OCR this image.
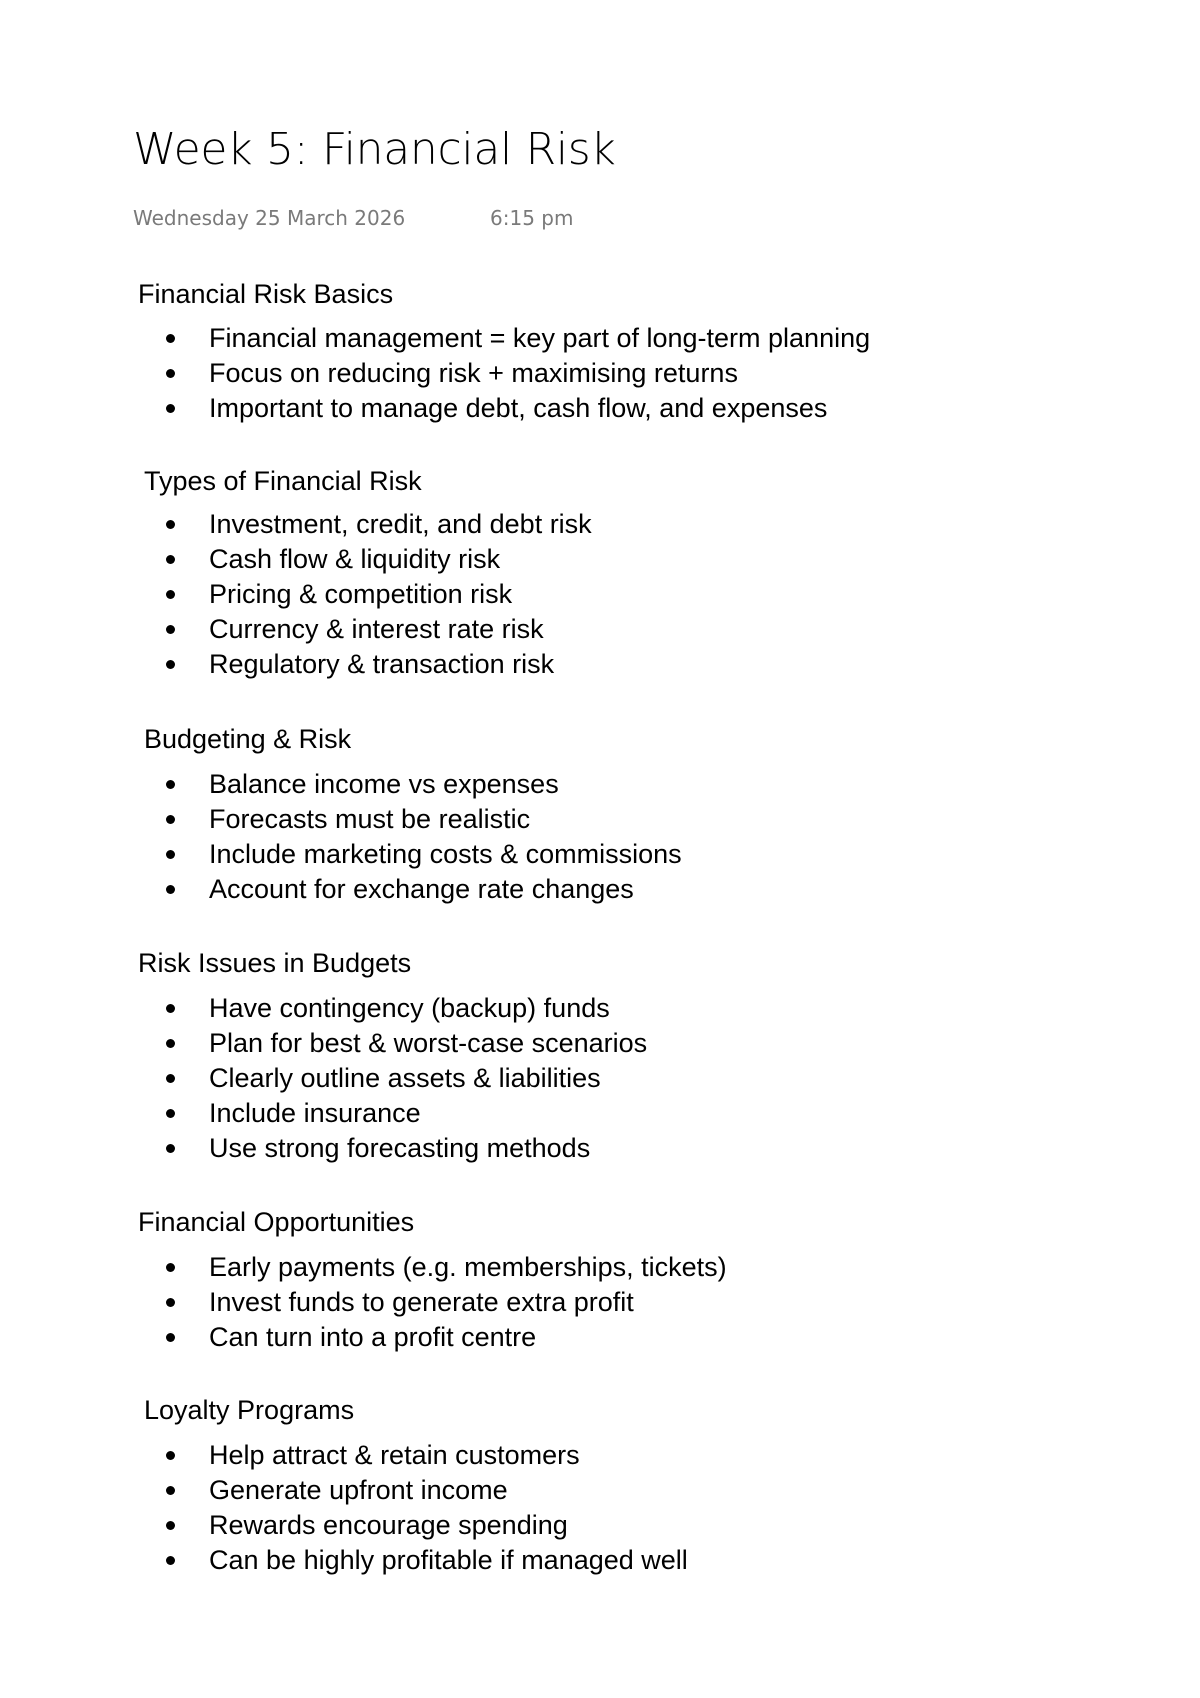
Week 5: Financial Risk
Wednesday 25 March 2026	6:15 pm
Financial Risk Basics
Financial management = key part of long-term planning
Focus on reducing risk + maximising returns
Important to manage debt, cash flow, and expenses
Types of Financial Risk
Investment, credit, and debt risk
Cash flow & liquidity risk
Pricing & competition risk
Currency & interest rate risk
Regulatory & transaction risk
Budgeting & Risk
Balance income vs expenses
Forecasts must be realistic
Include marketing costs & commissions
Account for exchange rate changes
Risk Issues in Budgets
Have contingency (backup) funds
Plan for best & worst-case scenarios
Clearly outline assets & liabilities
Include insurance
Use strong forecasting methods
Financial Opportunities
Early payments (e.g. memberships, tickets)
Invest funds to generate extra profit
Can turn into a profit centre
Loyalty Programs
Help attract & retain customers
Generate upfront income
Rewards encourage spending
Can be highly profitable if managed well
